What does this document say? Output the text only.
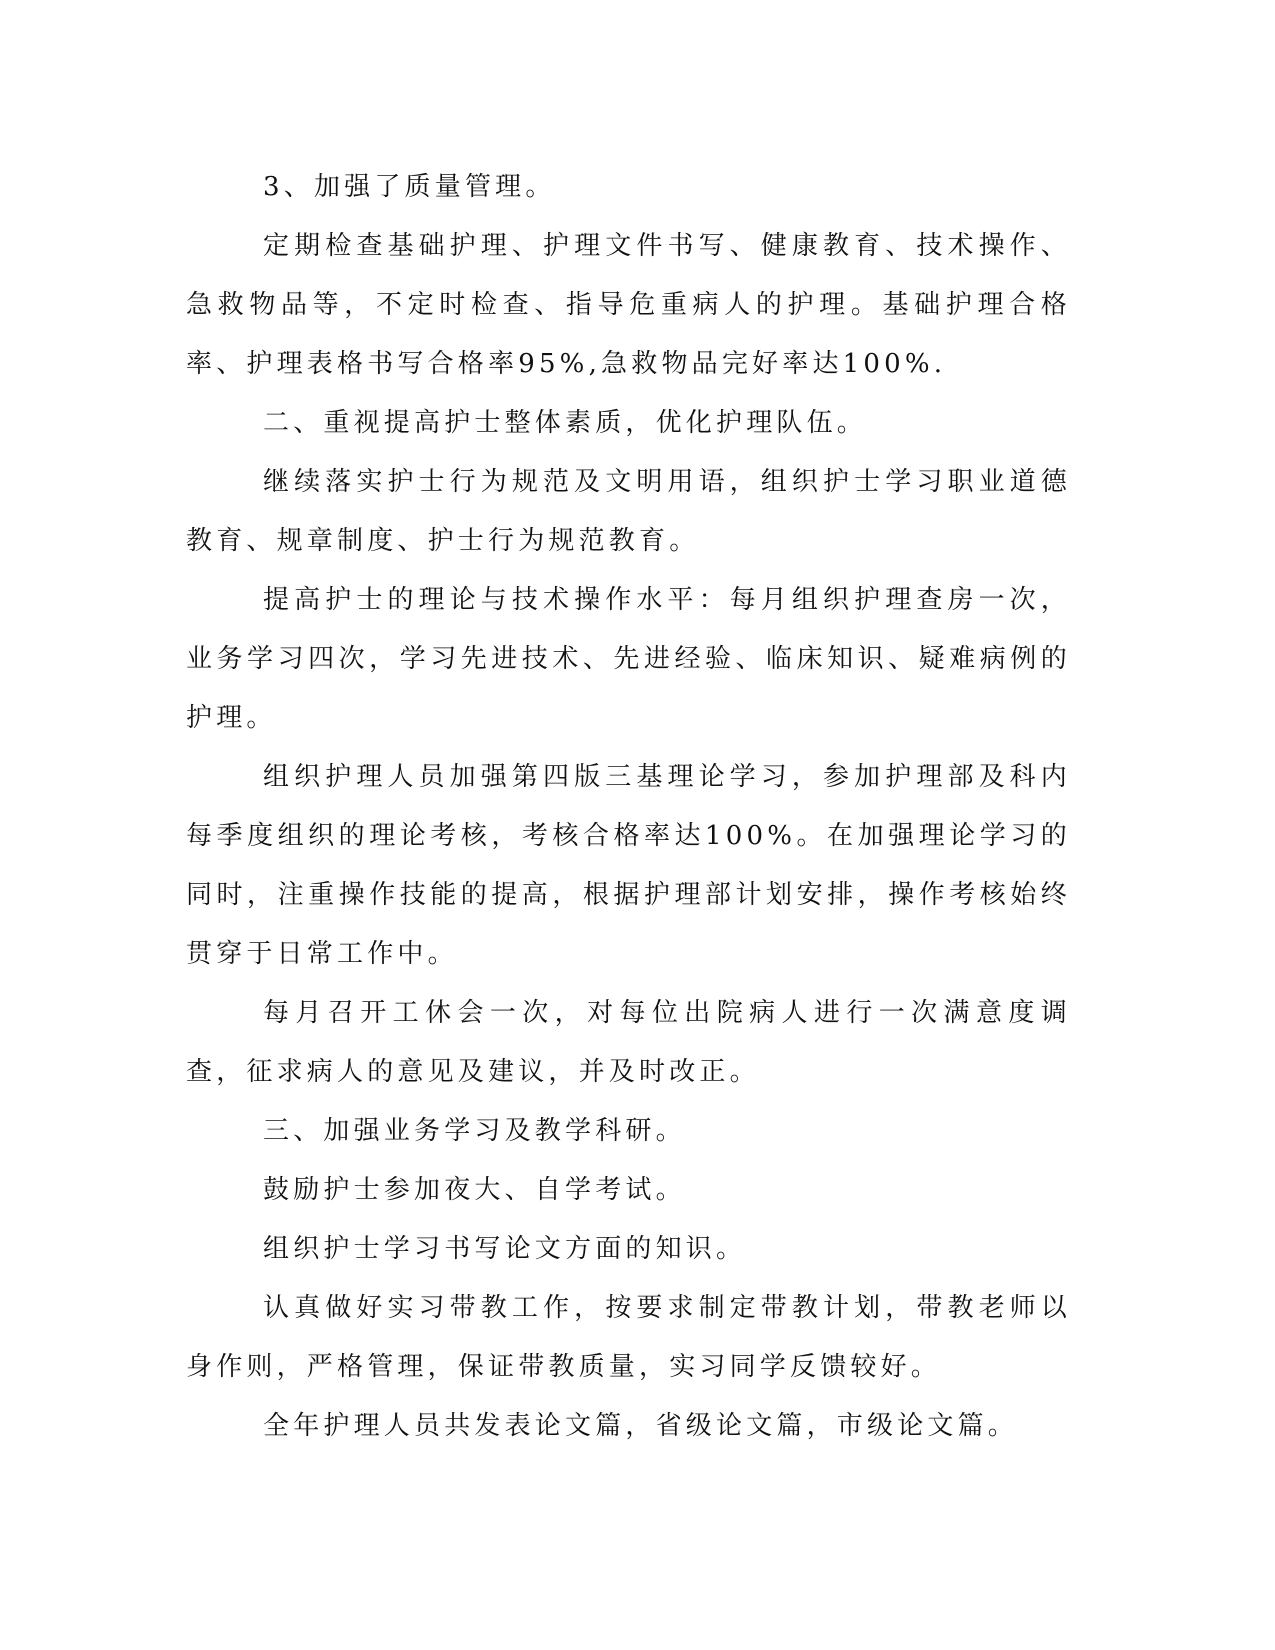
3、加强了质量管理。

定期检查基础护理、护理文件书写、健康教育、技术操作、急救物品等，不定时检查、指导危重病人的护理。基础护理合格率、护理表格书写合格率95%,急救物品完好率达100%.

二、重视提高护士整体素质，优化护理队伍。

继续落实护士行为规范及文明用语，组织护士学习职业道德教育、规章制度、护士行为规范教育。

提高护士的理论与技术操作水平：每月组织护理查房一次，业务学习四次，学习先进技术、先进经验、临床知识、疑难病例的护理。

组织护理人员加强第四版三基理论学习，参加护理部及科内每季度组织的理论考核，考核合格率达100%。在加强理论学习的同时，注重操作技能的提高，根据护理部计划安排，操作考核始终贯穿于日常工作中。

每月召开工休会一次，对每位出院病人进行一次满意度调查，征求病人的意见及建议，并及时改正。

三、加强业务学习及教学科研。

鼓励护士参加夜大、自学考试。

组织护士学习书写论文方面的知识。

认真做好实习带教工作，按要求制定带教计划，带教老师以身作则，严格管理，保证带教质量，实习同学反馈较好。

全年护理人员共发表论文篇，省级论文篇，市级论文篇。
